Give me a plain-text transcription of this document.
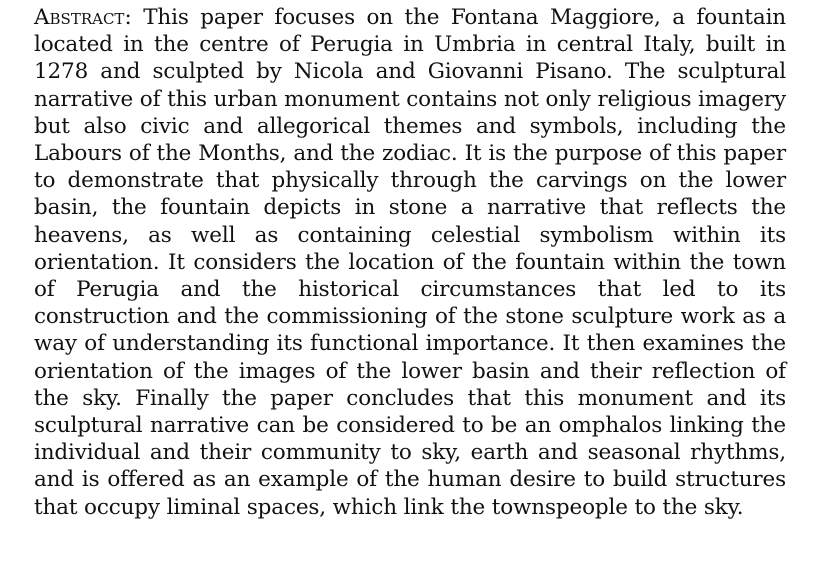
Abstract: This paper focuses on the Fontana Maggiore, a fountain located in the centre of Perugia in Umbria in central Italy, built in 1278 and sculpted by Nicola and Giovanni Pisano. The sculptural narrative of this urban monument contains not only religious imagery but also civic and allegorical themes and symbols, including the Labours of the Months, and the zodiac. It is the purpose of this paper to demonstrate that physically through the carvings on the lower basin, the fountain depicts in stone a narrative that reflects the heavens, as well as containing celestial symbolism within its orientation. It considers the location of the fountain within the town of Perugia and the historical circumstances that led to its construction and the commissioning of the stone sculpture work as a way of understanding its functional importance. It then examines the orientation of the images of the lower basin and their reflection of the sky. Finally the paper concludes that this monument and its sculptural narrative can be considered to be an omphalos linking the individual and their community to sky, earth and seasonal rhythms, and is offered as an example of the human desire to build structures that occupy liminal spaces, which link the townspeople to the sky.
